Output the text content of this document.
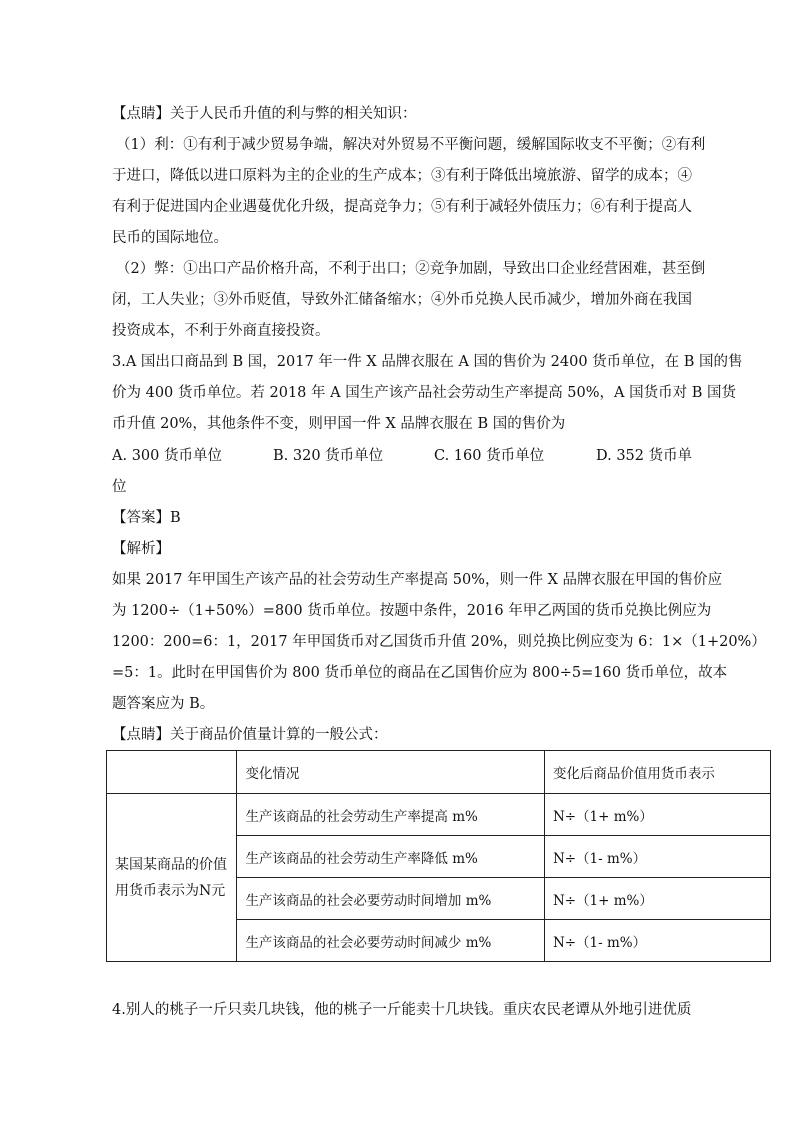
【点睛】关于人民币升值的利与弊的相关知识：
（1）利：①有利于减少贸易争端，解决对外贸易不平衡问题，缓解国际收支不平衡；②有利
于进口，降低以进口原料为主的企业的生产成本；③有利于降低出境旅游、留学的成本；④
有利于促进国内企业遇蔓优化升级，提高竞争力；⑤有利于减轻外债压力；⑥有利于提高人
民币的国际地位。
（2）弊：①出口产品价格升高，不利于出口；②竞争加剧，导致出口企业经营困难，甚至倒
闭，工人失业；③外币贬值，导致外汇储备缩水；④外币兑换人民币减少，增加外商在我国
投资成本，不利于外商直接投资。
3.A 国出口商品到 B 国，2017 年一件 X 品牌衣服在 A 国的售价为 2400 货币单位，在 B 国的售
价为 400 货币单位。若 2018 年 A 国生产该产品社会劳动生产率提高 50%，A 国货币对 B 国货
币升值 20%，其他条件不变，则甲国一件 X 品牌衣服在 B 国的售价为
A. 300 货币单位	B. 320 货币单位	C. 160 货币单位	D. 352 货币单
位
【答案】B
【解析】
如果 2017 年甲国生产该产品的社会劳动生产率提高 50%，则一件 X 品牌衣服在甲国的售价应
为 1200÷（1+50%）=800 货币单位。按题中条件，2016 年甲乙两国的货币兑换比例应为
1200：200=6：1，2017 年甲国货币对乙国货币升值 20%，则兑换比例应变为 6：1×（1+20%）
=5：1。此时在甲国售价为 800 货币单位的商品在乙国售价应为 800÷5=160 货币单位，故本
题答案应为 B。
【点睛】关于商品价值量计算的一般公式：
	变化情况	变化后商品价值用货币表示
某国某商品的价值
用货币表示为N元	生产该商品的社会劳动生产率提高 m%	N÷（1+ m%）
	生产该商品的社会劳动生产率降低 m%	N÷（1- m%）
	生产该商品的社会必要劳动时间增加 m%	N÷（1+ m%）
	生产该商品的社会必要劳动时间减少 m%	N÷（1- m%）
4.别人的桃子一斤只卖几块钱，他的桃子一斤能卖十几块钱。重庆农民老谭从外地引进优质
